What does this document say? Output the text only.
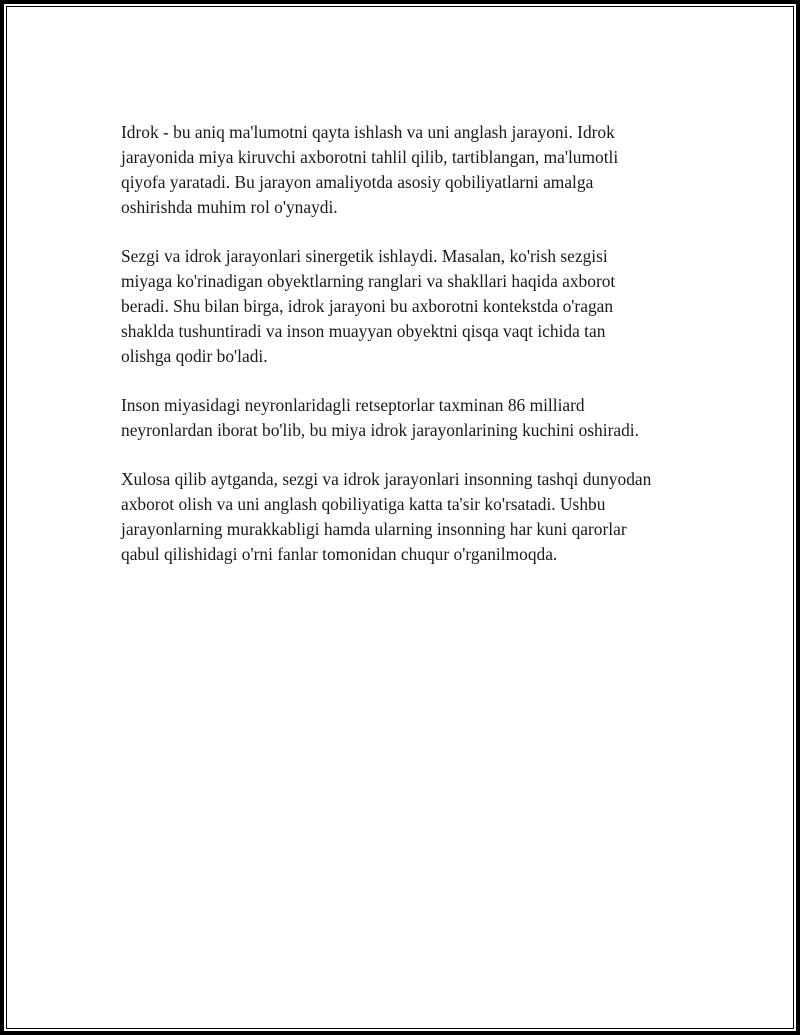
Idrok - bu aniq ma'lumotni qayta ishlash va uni anglash jarayoni. Idrok
jarayonida miya kiruvchi axborotni tahlil qilib, tartiblangan, ma'lumotli
qiyofa yaratadi. Bu jarayon amaliyotda asosiy qobiliyatlarni amalga
oshirishda muhim rol o'ynaydi.

Sezgi va idrok jarayonlari sinergetik ishlaydi. Masalan, ko'rish sezgisi
miyaga ko'rinadigan obyektlarning ranglari va shakllari haqida axborot
beradi. Shu bilan birga, idrok jarayoni bu axborotni kontekstda o'ragan
shaklda tushuntiradi va inson muayyan obyektni qisqa vaqt ichida tan
olishga qodir bo'ladi.

Inson miyasidagi neyronlaridagli retseptorlar taxminan 86 milliard
neyronlardan iborat bo'lib, bu miya idrok jarayonlarining kuchini oshiradi.

Xulosa qilib aytganda, sezgi va idrok jarayonlari insonning tashqi dunyodan
axborot olish va uni anglash qobiliyatiga katta ta'sir ko'rsatadi. Ushbu
jarayonlarning murakkabligi hamda ularning insonning har kuni qarorlar
qabul qilishidagi o'rni fanlar tomonidan chuqur o'rganilmoqda.
